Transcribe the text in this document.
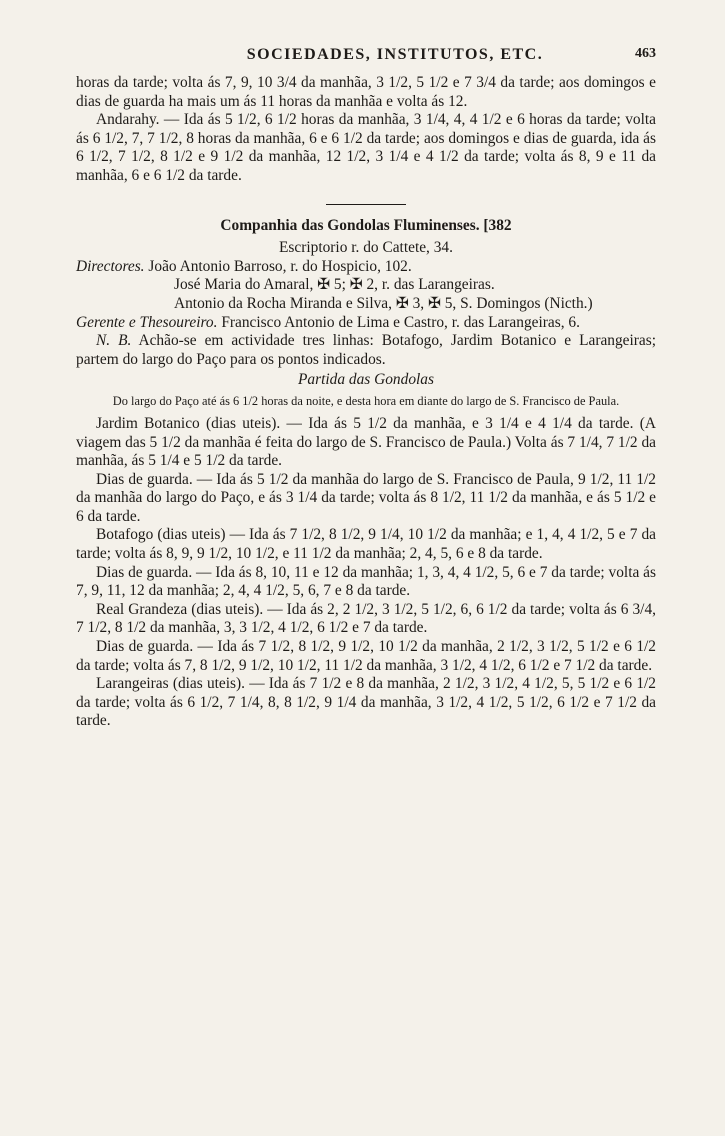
SOCIEDADES, INSTITUTOS, ETC.	463

horas da tarde; volta ás 7, 9, 10 3/4 da manhãa, 3 1/2, 5 1/2 e 7 3/4 da tarde; aos domingos e dias de guarda ha mais um ás 11 horas da manhãa e volta ás 12.

Andarahy. — Ida ás 5 1/2, 6 1/2 horas da manhãa, 3 1/4, 4, 4 1/2 e 6 horas da tarde; volta ás 6 1/2, 7, 7 1/2, 8 horas da manhãa, 6 e 6 1/2 da tarde; aos domingos e dias de guarda, ida ás 6 1/2, 7 1/2, 8 1/2 e 9 1/2 da manhãa, 12 1/2, 3 1/4 e 4 1/2 da tarde; volta ás 8, 9 e 11 da manhãa, 6 e 6 1/2 da tarde.

Companhia das Gondolas Fluminenses. [382
Escriptorio r. do Cattete, 34.

Directores. João Antonio Barroso, r. do Hospicio, 102.

José Maria do Amaral, ✠ 5; ✠ 2, r. das Larangeiras.

Antonio da Rocha Miranda e Silva, ✠ 3, ✠ 5, S. Domingos (Nicth.)

Gerente e Thesoureiro. Francisco Antonio de Lima e Castro, r. das Larangeiras, 6.

N. B. Achão-se em actividade tres linhas: Botafogo, Jardim Botanico e Larangeiras; partem do largo do Paço para os pontos indicados.

Partida das Gondolas
Do largo do Paço até ás 6 1/2 horas da noite, e desta hora em diante do largo de S. Francisco de Paula.

Jardim Botanico (dias uteis). — Ida ás 5 1/2 da manhãa, e 3 1/4 e 4 1/4 da tarde. (A viagem das 5 1/2 da manhãa é feita do largo de S. Francisco de Paula.) Volta ás 7 1/4, 7 1/2 da manhãa, ás 5 1/4 e 5 1/2 da tarde.

Dias de guarda. — Ida ás 5 1/2 da manhãa do largo de S. Francisco de Paula, 9 1/2, 11 1/2 da manhãa do largo do Paço, e ás 3 1/4 da tarde; volta ás 8 1/2, 11 1/2 da manhãa, e ás 5 1/2 e 6 da tarde.

Botafogo (dias uteis) — Ida ás 7 1/2, 8 1/2, 9 1/4, 10 1/2 da manhãa; e 1, 4, 4 1/2, 5 e 7 da tarde; volta ás 8, 9, 9 1/2, 10 1/2, e 11 1/2 da manhãa; 2, 4, 5, 6 e 8 da tarde.

Dias de guarda. — Ida ás 8, 10, 11 e 12 da manhãa; 1, 3, 4, 4 1/2, 5, 6 e 7 da tarde; volta ás 7, 9, 11, 12 da manhãa; 2, 4, 4 1/2, 5, 6, 7 e 8 da tarde.

Real Grandeza (dias uteis). — Ida ás 2, 2 1/2, 3 1/2, 5 1/2, 6, 6 1/2 da tarde; volta ás 6 3/4, 7 1/2, 8 1/2 da manhãa, 3, 3 1/2, 4 1/2, 6 1/2 e 7 da tarde.

Dias de guarda. — Ida ás 7 1/2, 8 1/2, 9 1/2, 10 1/2 da manhãa, 2 1/2, 3 1/2, 5 1/2 e 6 1/2 da tarde; volta ás 7, 8 1/2, 9 1/2, 10 1/2, 11 1/2 da manhãa, 3 1/2, 4 1/2, 6 1/2 e 7 1/2 da tarde.

Larangeiras (dias uteis). — Ida ás 7 1/2 e 8 da manhãa, 2 1/2, 3 1/2, 4 1/2, 5, 5 1/2 e 6 1/2 da tarde; volta ás 6 1/2, 7 1/4, 8, 8 1/2, 9 1/4 da manhãa, 3 1/2, 4 1/2, 5 1/2, 6 1/2 e 7 1/2 da tarde.
